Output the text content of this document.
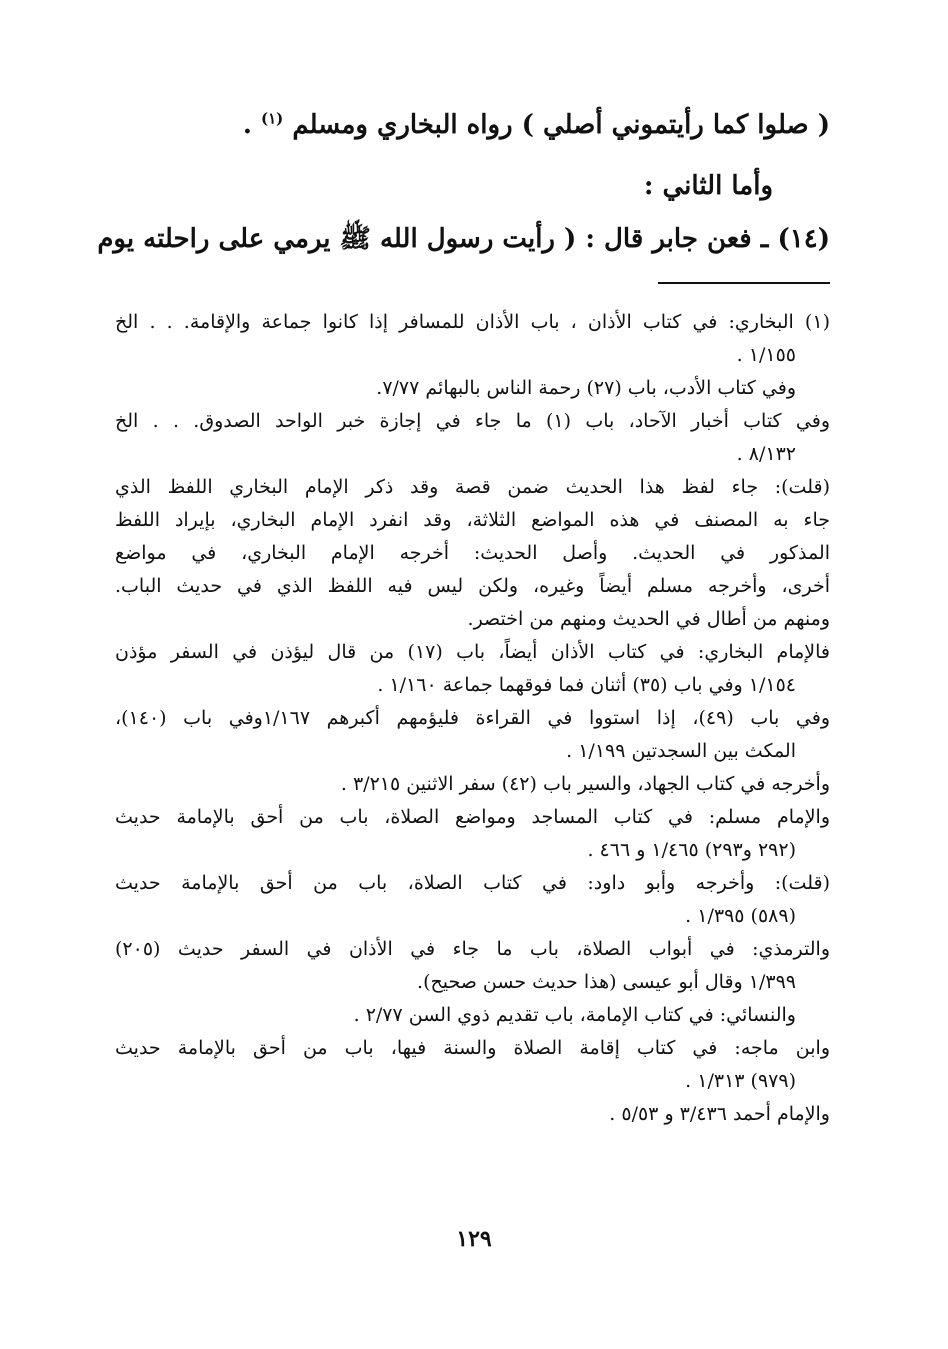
( صلوا كما رأيتموني أصلي ) رواه البخاري ومسلم $^{(١)}$ .
وأما الثاني :
(١٤) ـ فعن جابر قال : ( رأيت رسول الله ﷺ يرمي على راحلته يوم
(١) البخاري: في كتاب الأذان ، باب الأذان للمسافر إذا كانوا جماعة والإقامة. . . الخ
١/١٥٥ .
وفي كتاب الأدب، باب (٢٧) رحمة الناس بالبهائم ٧/٧٧.
وفي كتاب أخبار الآحاد، باب (١) ما جاء في إجازة خبر الواحد الصدوق. . . الخ
٨/١٣٢ .
(قلت): جاء لفظ هذا الحديث ضمن قصة وقد ذكر الإمام البخاري اللفظ الذي
جاء به المصنف في هذه المواضع الثلاثة، وقد انفرد الإمام البخاري، بإيراد اللفظ
المذكور في الحديث. وأصل الحديث: أخرجه الإمام البخاري، في مواضع
أخرى، وأخرجه مسلم أيضاً وغيره، ولكن ليس فيه اللفظ الذي في حديث الباب.
ومنهم من أطال في الحديث ومنهم من اختصر.
فالإمام البخاري: في كتاب الأذان أيضاً، باب (١٧) من قال ليؤذن في السفر مؤذن
١/١٥٤ وفي باب (٣٥) أثنان فما فوقهما جماعة ١/١٦٠ .
وفي باب (٤٩)، إذا استووا في القراءة فليؤمهم أكبرهم ١/١٦٧وفي باب (١٤٠)،
المكث بين السجدتين ١/١٩٩ .
وأخرجه في كتاب الجهاد، والسير باب (٤٢) سفر الاثنين ٣/٢١٥ .
والإمام مسلم: في كتاب المساجد ومواضع الصلاة، باب من أحق بالإمامة حديث
(٢٩٢ و٢٩٣) ١/٤٦٥ و ٤٦٦ .
(قلت): وأخرجه وأبو داود: في كتاب الصلاة، باب من أحق بالإمامة حديث
(٥٨٩) ١/٣٩٥ .
والترمذي: في أبواب الصلاة، باب ما جاء في الأذان في السفر حديث (٢٠٥)
١/٣٩٩ وقال أبو عيسى (هذا حديث حسن صحيح).
والنسائي: في كتاب الإمامة، باب تقديم ذوي السن ٢/٧٧ .
وابن ماجه: في كتاب إقامة الصلاة والسنة فيها، باب من أحق بالإمامة حديث
(٩٧٩) ١/٣١٣ .
والإمام أحمد ٣/٤٣٦ و ٥/٥٣ .
١٢٩
